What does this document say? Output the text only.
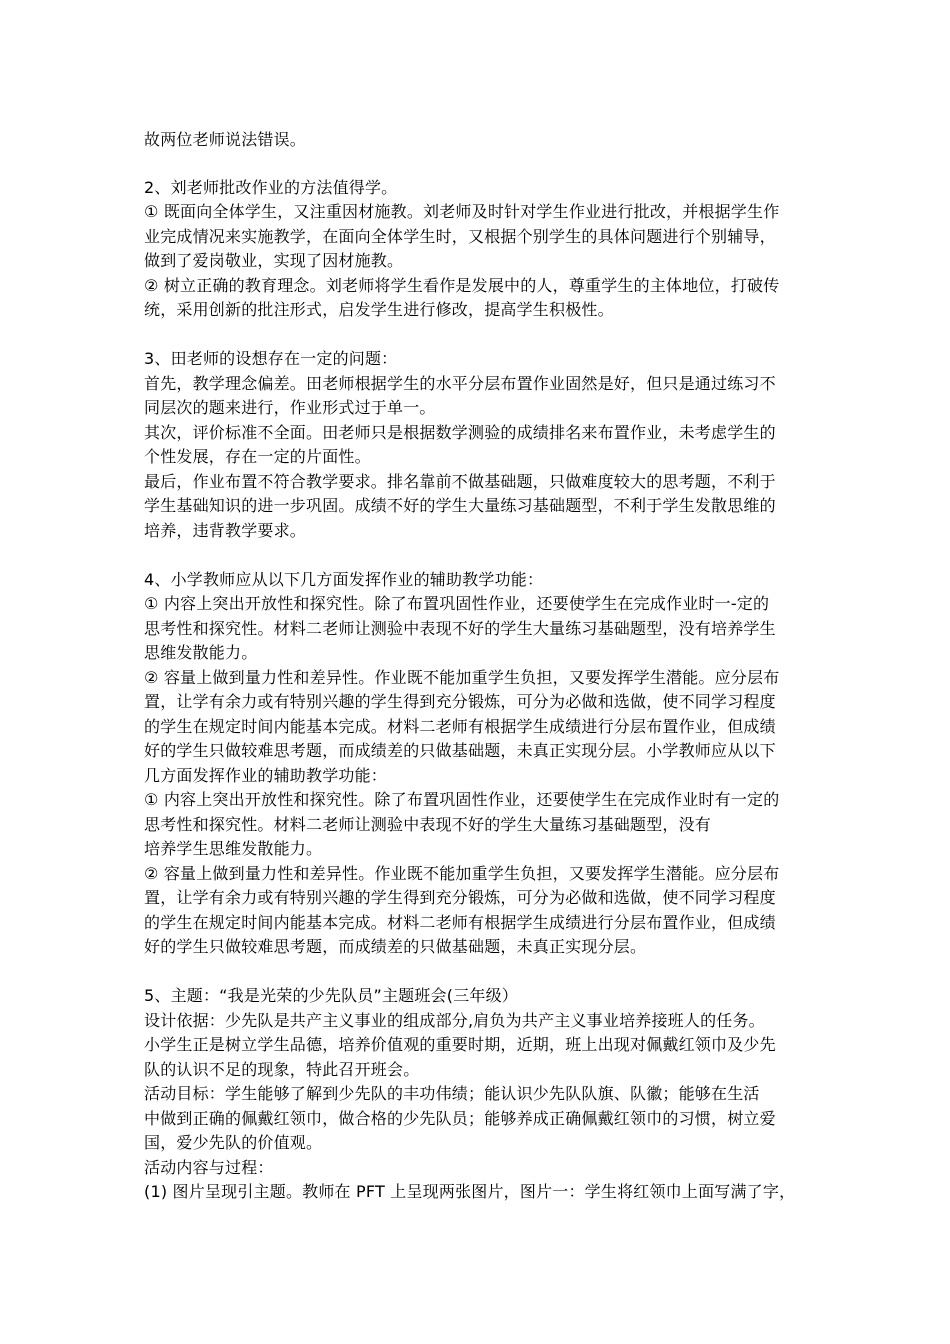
故两位老师说法错误。
2、刘老师批改作业的方法值得学。
① 既面向全体学生，又注重因材施教。刘老师及时针对学生作业进行批改，并根据学生作
业完成情况来实施教学，在面向全体学生时，又根据个别学生的具体问题进行个别辅导，
做到了爱岗敬业，实现了因材施教。
② 树立正确的教育理念。刘老师将学生看作是发展中的人，尊重学生的主体地位，打破传
统，采用创新的批注形式，启发学生进行修改，提高学生积极性。
3、田老师的设想存在一定的问题：
首先，教学理念偏差。田老师根据学生的水平分层布置作业固然是好，但只是通过练习不
同层次的题来进行，作业形式过于单一。
其次，评价标准不全面。田老师只是根据数学测验的成绩排名来布置作业，未考虑学生的
个性发展，存在一定的片面性。
最后，作业布置不符合教学要求。排名靠前不做基础题，只做难度较大的思考题，不利于
学生基础知识的进一步巩固。成绩不好的学生大量练习基础题型，不利于学生发散思维的
培养，违背教学要求。
4、小学教师应从以下几方面发挥作业的辅助教学功能：
① 内容上突出开放性和探究性。除了布置巩固性作业，还要使学生在完成作业时一-定的
思考性和探究性。材料二老师让测验中表现不好的学生大量练习基础题型，没有培养学生
思维发散能力。
② 容量上做到量力性和差异性。作业既不能加重学生负担，又要发挥学生潜能。应分层布
置，让学有余力或有特别兴趣的学生得到充分锻炼，可分为必做和选做，使不同学习程度
的学生在规定时间内能基本完成。材料二老师有根据学生成绩进行分层布置作业，但成绩
好的学生只做较难思考题，而成绩差的只做基础题，未真正实现分层。小学教师应从以下
几方面发挥作业的辅助教学功能：
① 内容上突出开放性和探究性。除了布置巩固性作业，还要使学生在完成作业时有一定的
思考性和探究性。材料二老师让测验中表现不好的学生大量练习基础题型，没有
培养学生思维发散能力。
② 容量上做到量力性和差异性。作业既不能加重学生负担，又要发挥学生潜能。应分层布
置，让学有余力或有特别兴趣的学生得到充分锻炼，可分为必做和选做，使不同学习程度
的学生在规定时间内能基本完成。材料二老师有根据学生成绩进行分层布置作业，但成绩
好的学生只做较难思考题，而成绩差的只做基础题，未真正实现分层。
5、主题：“我是光荣的少先队员”主题班会(三年级）
设计依据：少先队是共产主义事业的组成部分,肩负为共产主义事业培养接班人的任务。
小学生正是树立学生品德，培养价值观的重要时期，近期，班上出现对佩戴红领巾及少先
队的认识不足的现象，特此召开班会。
活动目标：学生能够了解到少先队的丰功伟绩；能认识少先队队旗、队徽；能够在生活
中做到正确的佩戴红领巾，做合格的少先队员；能够养成正确佩戴红领巾的习惯，树立爱
国，爱少先队的价值观。
活动内容与过程：
(1) 图片呈现引主题。教师在 PFT 上呈现两张图片，图片一：学生将红领巾上面写满了字，
